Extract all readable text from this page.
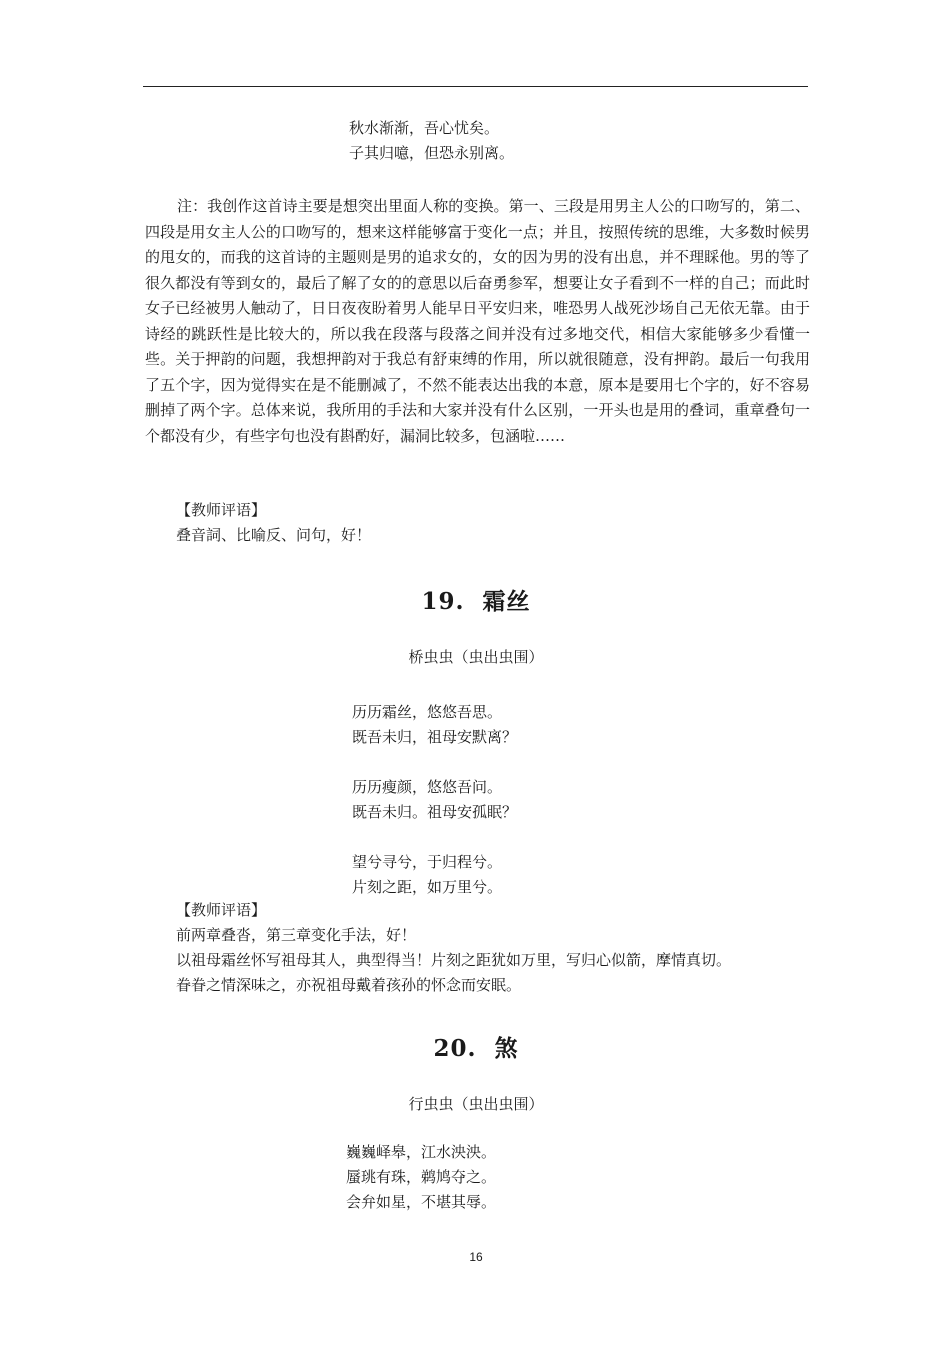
秋水渐渐，吾心忧矣。
子其归噫，但恐永别离。
注：我创作这首诗主要是想突出里面人称的变换。第一、三段是用男主人公的口吻写的，第二、四段是用女主人公的口吻写的，想来这样能够富于变化一点；并且，按照传统的思维，大多数时候男的甩女的，而我的这首诗的主题则是男的追求女的，女的因为男的没有出息，并不理睬他。男的等了很久都没有等到女的，最后了解了女的的意思以后奋勇参军，想要让女子看到不一样的自己；而此时女子已经被男人触动了，日日夜夜盼着男人能早日平安归来，唯恐男人战死沙场自己无依无靠。由于诗经的跳跃性是比较大的，所以我在段落与段落之间并没有过多地交代，相信大家能够多少看懂一些。关于押韵的问题，我想押韵对于我总有舒束缚的作用，所以就很随意，没有押韵。最后一句我用了五个字，因为觉得实在是不能删减了，不然不能表达出我的本意，原本是要用七个字的，好不容易删掉了两个字。总体来说，我所用的手法和大家并没有什么区别，一开头也是用的叠词，重章叠句一个都没有少，有些字句也没有斟酌好，漏洞比较多，包涵啦……
【教师评语】
叠音詞、比喻反、问句，好！
19. 霜丝
桥虫虫（虫出虫围）
历历霜丝，悠悠吾思。
既吾未归，祖母安默离？
历历瘦颜，悠悠吾问。
既吾未归。祖母安孤眠？
望兮寻兮，于归程兮。
片刻之距，如万里兮。
【教师评语】
前两章叠沓，第三章变化手法，好！
以祖母霜丝怀写祖母其人，典型得当！片刻之距犹如万里，写归心似箭，摩情真切。
眷眷之情深味之，亦祝祖母戴着孩孙的怀念而安眠。
20. 煞
行虫虫（虫出虫围）
巍巍峄皋，江水泱泱。
蜃珧有珠，鹈鸠夺之。
会弁如星，不堪其辱。
16
